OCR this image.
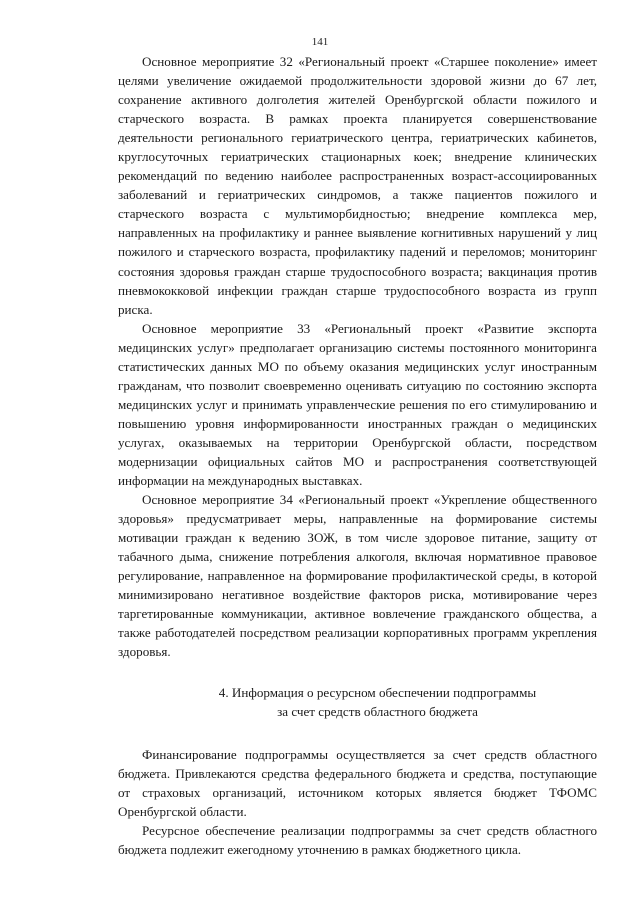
141

Основное мероприятие 32 «Региональный проект «Старшее поколение» имеет целями увеличение ожидаемой продолжительности здоровой жизни до 67 лет, сохранение активного долголетия жителей Оренбургской области пожилого и старческого возраста. В рамках проекта планируется совершенствование деятельности регионального гериатрического центра, гериатрических кабинетов, круглосуточных гериатрических стационарных коек; внедрение клинических рекомендаций по ведению наиболее распространенных возраст-ассоциированных заболеваний и гериатрических синдромов, а также пациентов пожилого и старческого возраста с мультиморбидностью; внедрение комплекса мер, направленных на профилактику и раннее выявление когнитивных нарушений у лиц пожилого и старческого возраста, профилактику падений и переломов; мониторинг состояния здоровья граждан старше трудоспособного возраста; вакцинация против пневмококковой инфекции граждан старше трудоспособного возраста из групп риска.

Основное мероприятие 33 «Региональный проект «Развитие экспорта медицинских услуг» предполагает организацию системы постоянного мониторинга статистических данных МО по объему оказания медицинских услуг иностранным гражданам, что позволит своевременно оценивать ситуацию по состоянию экспорта медицинских услуг и принимать управленческие решения по его стимулированию и повышению уровня информированности иностранных граждан о медицинских услугах, оказываемых на территории Оренбургской области, посредством модернизации официальных сайтов МО и распространения соответствующей информации на международных выставках.

Основное мероприятие 34 «Региональный проект «Укрепление общественного здоровья» предусматривает меры, направленные на формирование системы мотивации граждан к ведению ЗОЖ, в том числе здоровое питание, защиту от табачного дыма, снижение потребления алкоголя, включая нормативное правовое регулирование, направленное на формирование профилактической среды, в которой минимизировано негативное воздействие факторов риска, мотивирование через таргетированные коммуникации, активное вовлечение гражданского общества, а также работодателей посредством реализации корпоративных программ укрепления здоровья.

4. Информация о ресурсном обеспечении подпрограммы
за счет средств областного бюджета

Финансирование подпрограммы осуществляется за счет средств областного бюджета. Привлекаются средства федерального бюджета и средства, поступающие от страховых организаций, источником которых является бюджет ТФОМС Оренбургской области.

Ресурсное обеспечение реализации подпрограммы за счет средств областного бюджета подлежит ежегодному уточнению в рамках бюджетного цикла.
